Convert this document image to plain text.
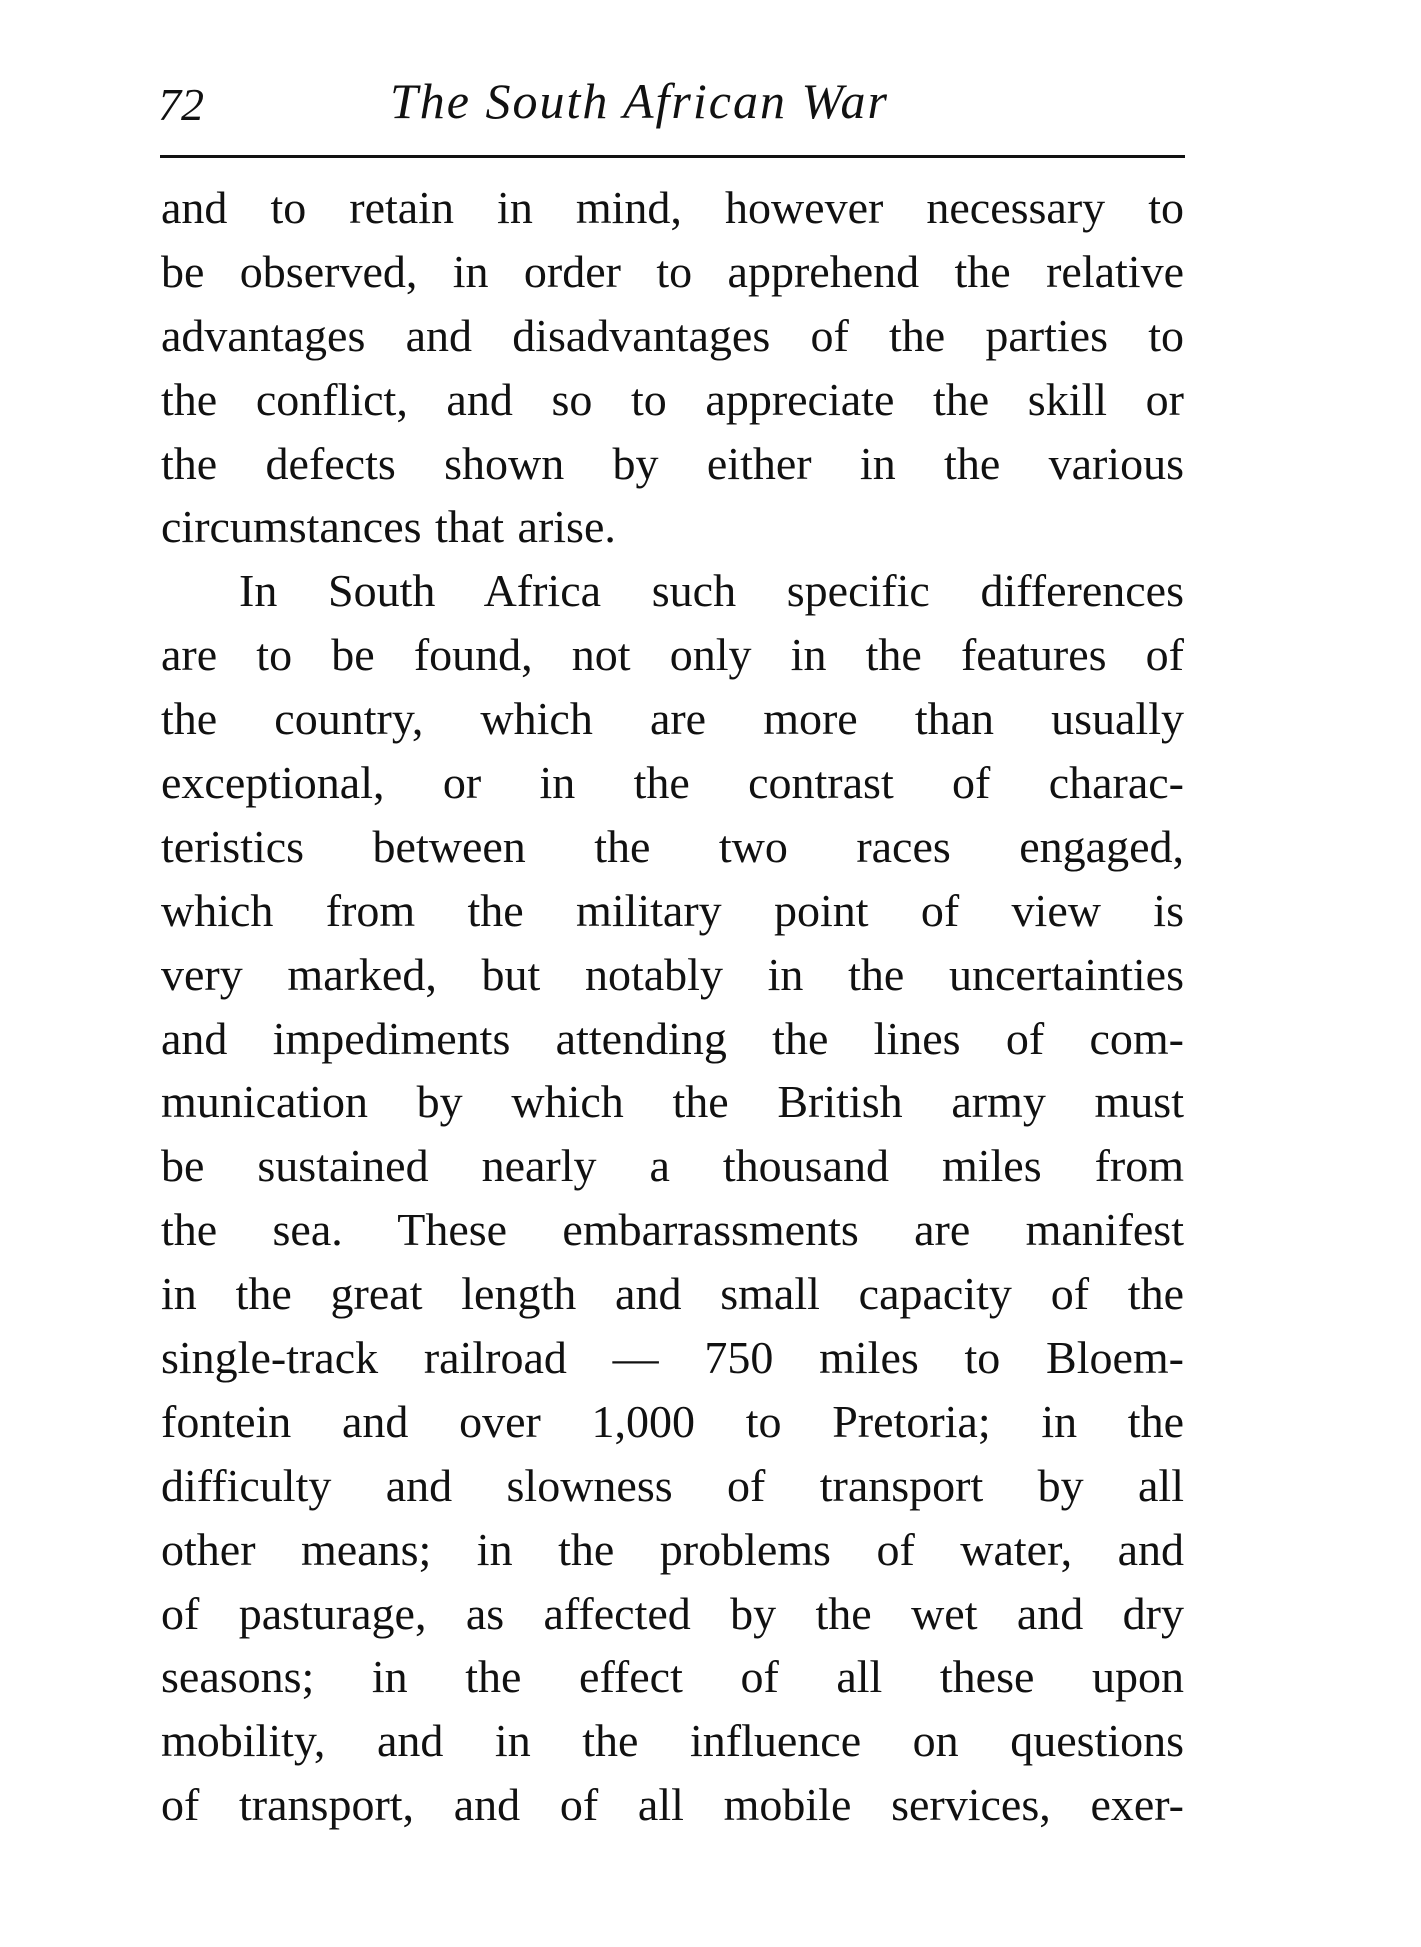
72	The South African War
and to retain in mind, however necessary to
be observed, in order to apprehend the relative
advantages and disadvantages of the parties to
the conflict, and so to appreciate the skill or
the defects shown by either in the various
circumstances that arise.
In South Africa such specific differences
are to be found, not only in the features of
the country, which are more than usually
exceptional, or in the contrast of charac-
teristics between the two races engaged,
which from the military point of view is
very marked, but notably in the uncertainties
and impediments attending the lines of com-
munication by which the British army must
be sustained nearly a thousand miles from
the sea. These embarrassments are manifest
in the great length and small capacity of the
single-track railroad — 750 miles to Bloem-
fontein and over 1,000 to Pretoria; in the
difficulty and slowness of transport by all
other means; in the problems of water, and
of pasturage, as affected by the wet and dry
seasons; in the effect of all these upon
mobility, and in the influence on questions
of transport, and of all mobile services, exer-
